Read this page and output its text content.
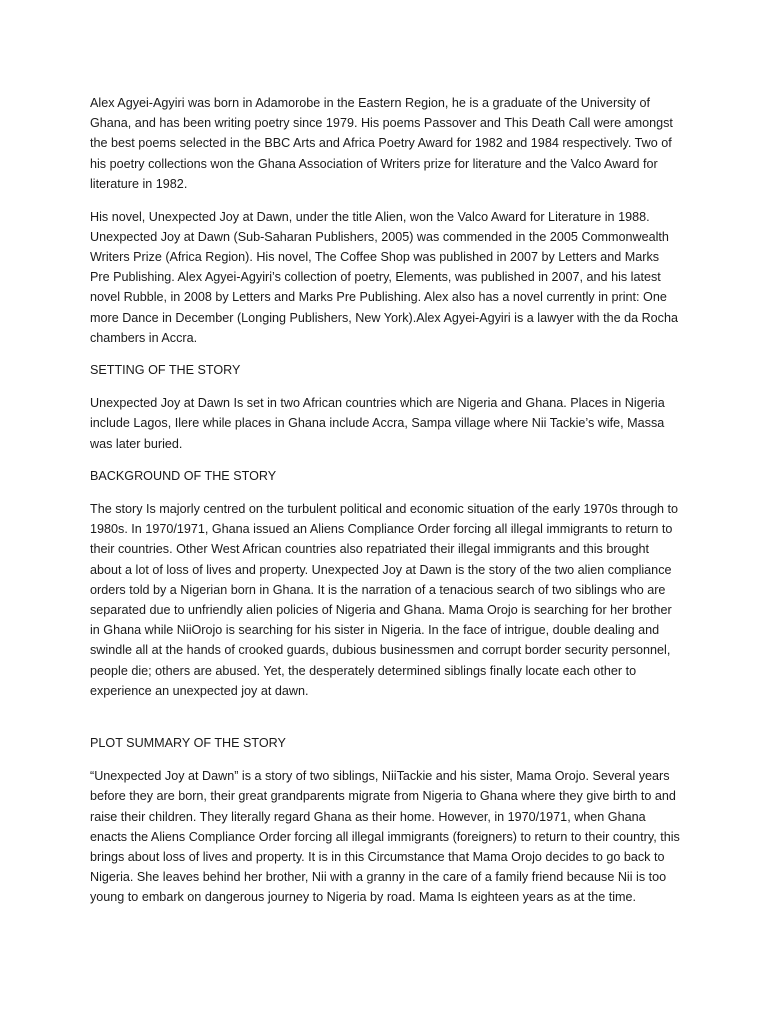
Alex Agyei-Agyiri was born in Adamorobe in the Eastern Region, he is a graduate of the University of Ghana, and has been writing poetry since 1979. His poems Passover and This Death Call were amongst the best poems selected in the BBC Arts and Africa Poetry Award for 1982 and 1984 respectively. Two of his poetry collections won the Ghana Association of Writers prize for literature and the Valco Award for literature in 1982.

His novel, Unexpected Joy at Dawn, under the title Alien, won the Valco Award for Literature in 1988. Unexpected Joy at Dawn (Sub-Saharan Publishers, 2005) was commended in the 2005 Commonwealth Writers Prize (Africa Region). His novel, The Coffee Shop was published in 2007 by Letters and Marks Pre Publishing. Alex Agyei-Agyiri’s collection of poetry, Elements, was published in 2007, and his latest novel Rubble, in 2008 by Letters and Marks Pre Publishing. Alex also has a novel currently in print: One more Dance in December (Longing Publishers, New York).Alex Agyei-Agyiri is a lawyer with the da Rocha chambers in Accra.

SETTING OF THE STORY

Unexpected Joy at Dawn Is set in two African countries which are Nigeria and Ghana. Places in Nigeria include Lagos, Ilere while places in Ghana include Accra, Sampa village where Nii Tackie’s wife, Massa was later buried.

BACKGROUND OF THE STORY

The story Is majorly centred on the turbulent political and economic situation of the early 1970s through to 1980s. In 1970/1971, Ghana issued an Aliens Compliance Order forcing all illegal immigrants to return to their countries. Other West African countries also repatriated their illegal immigrants and this brought about a lot of loss of lives and property. Unexpected Joy at Dawn is the story of the two alien compliance orders told by a Nigerian born in Ghana. It is the narration of a tenacious search of two siblings who are separated due to unfriendly alien policies of Nigeria and Ghana. Mama Orojo is searching for her brother in Ghana while NiiOrojo is searching for his sister in Nigeria. In the face of intrigue, double dealing and swindle all at the hands of crooked guards, dubious businessmen and corrupt border security personnel, people die; others are abused. Yet, the desperately determined siblings finally locate each other to experience an unexpected joy at dawn.

PLOT SUMMARY OF THE STORY

“Unexpected Joy at Dawn” is a story of two siblings, NiiTackie and his sister, Mama Orojo. Several years before they are born, their great grandparents migrate from Nigeria to Ghana where they give birth to and raise their children. They literally regard Ghana as their home. However, in 1970/1971, when Ghana enacts the Aliens Compliance Order forcing all illegal immigrants (foreigners) to return to their country, this brings about loss of lives and property. It is in this Circumstance that Mama Orojo decides to go back to Nigeria. She leaves behind her brother, Nii with a granny in the care of a family friend because Nii is too young to embark on dangerous journey to Nigeria by road. Mama Is eighteen years as at the time.
